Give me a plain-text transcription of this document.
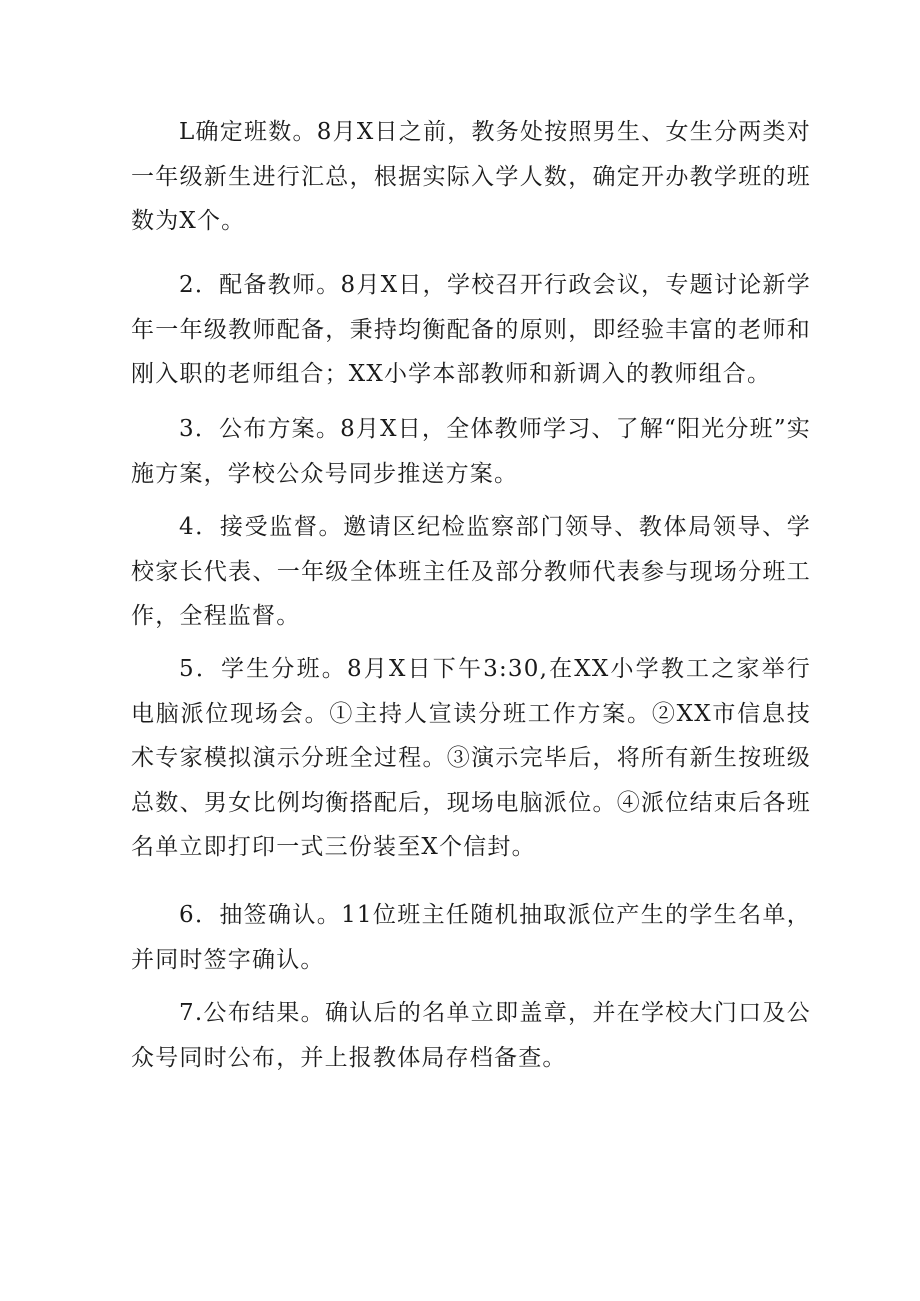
L确定班数。8月X日之前，教务处按照男生、女生分两类对一年级新生进行汇总，根据实际入学人数，确定开办教学班的班数为X个。

2．配备教师。8月X日，学校召开行政会议，专题讨论新学年一年级教师配备，秉持均衡配备的原则，即经验丰富的老师和刚入职的老师组合；XX小学本部教师和新调入的教师组合。

3．公布方案。8月X日，全体教师学习、了解“阳光分班”实施方案，学校公众号同步推送方案。

4．接受监督。邀请区纪检监察部门领导、教体局领导、学校家长代表、一年级全体班主任及部分教师代表参与现场分班工作，全程监督。

5．学生分班。8月X日下午3:30,在XX小学教工之家举行电脑派位现场会。①主持人宣读分班工作方案。②XX市信息技术专家模拟演示分班全过程。③演示完毕后，将所有新生按班级总数、男女比例均衡搭配后，现场电脑派位。④派位结束后各班名单立即打印一式三份装至X个信封。

6．抽签确认。11位班主任随机抽取派位产生的学生名单，并同时签字确认。

7.公布结果。确认后的名单立即盖章，并在学校大门口及公众号同时公布，并上报教体局存档备查。
